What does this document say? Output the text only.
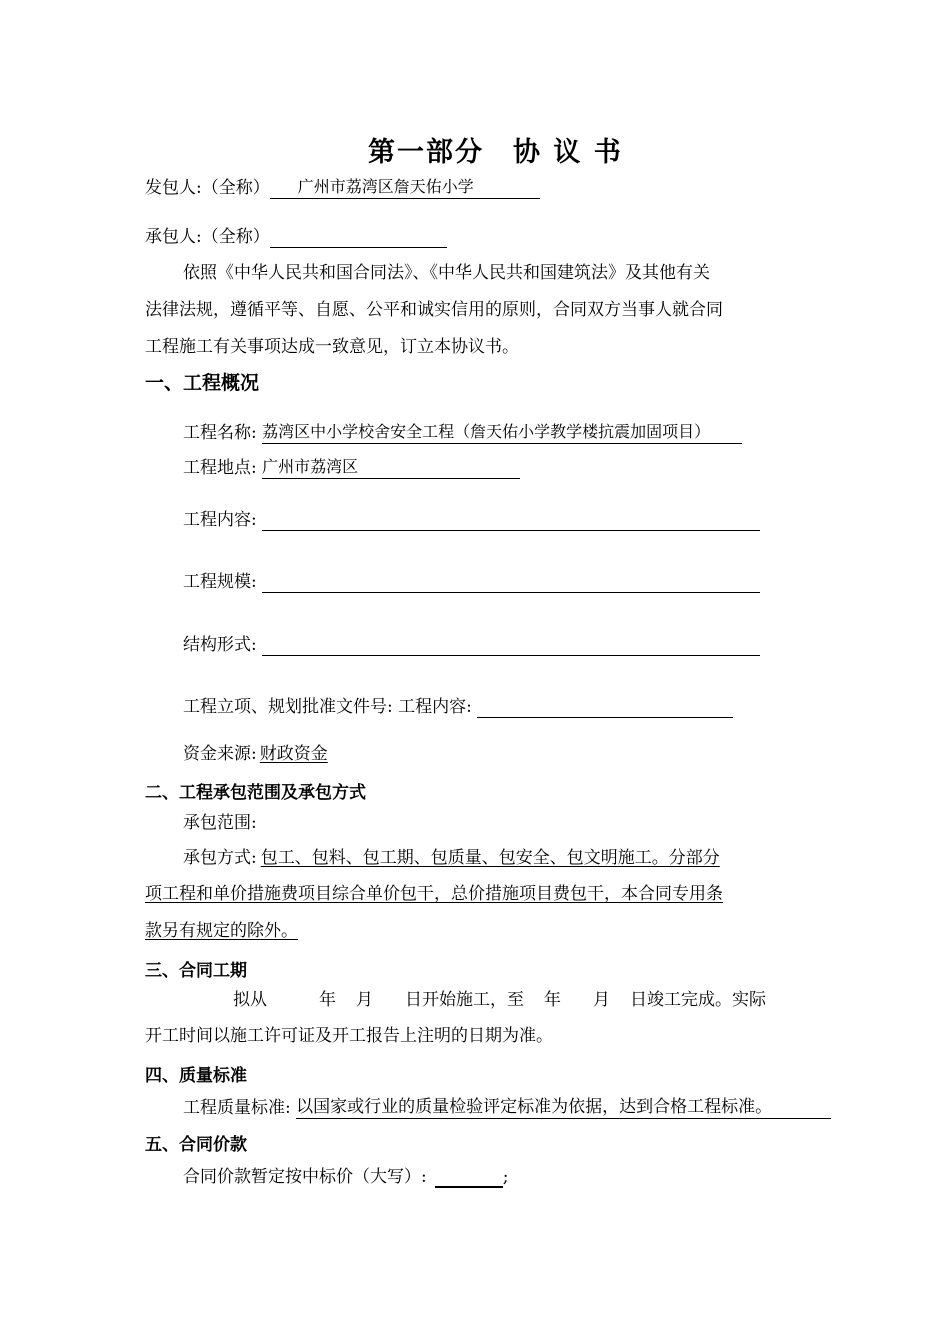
第一部分　协 议 书
发包人:（全称） 广州市荔湾区詹天佑小学
承包人:（全称）
依照《中华人民共和国合同法》、《中华人民共和国建筑法》及其他有关
法律法规，遵循平等、自愿、公平和诚实信用的原则，合同双方当事人就合同
工程施工有关事项达成一致意见，订立本协议书。
一、工程概况
工程名称: 荔湾区中小学校舍安全工程（詹天佑小学教学楼抗震加固项目）
工程地点: 广州市荔湾区
工程内容:
工程规模:
结构形式:
工程立项、规划批准文件号: 工程内容:
资金来源: 财政资金
二、工程承包范围及承包方式
承包范围:
承包方式: 包工、包料、包工期、包质量、包安全、包文明施工。分部分
项工程和单价措施费项目综合单价包干，总价措施项目费包干，本合同专用条
款另有规定的除外。
三、合同工期
拟从	年 月 日开始施工，至 年 月 日竣工完成。实际
开工时间以施工许可证及开工报告上注明的日期为准。
四、质量标准
工程质量标准: 以国家或行业的质量检验评定标准为依据，达到合格工程标准。
五、合同价款
合同价款暂定按中标价（大写）:	;
